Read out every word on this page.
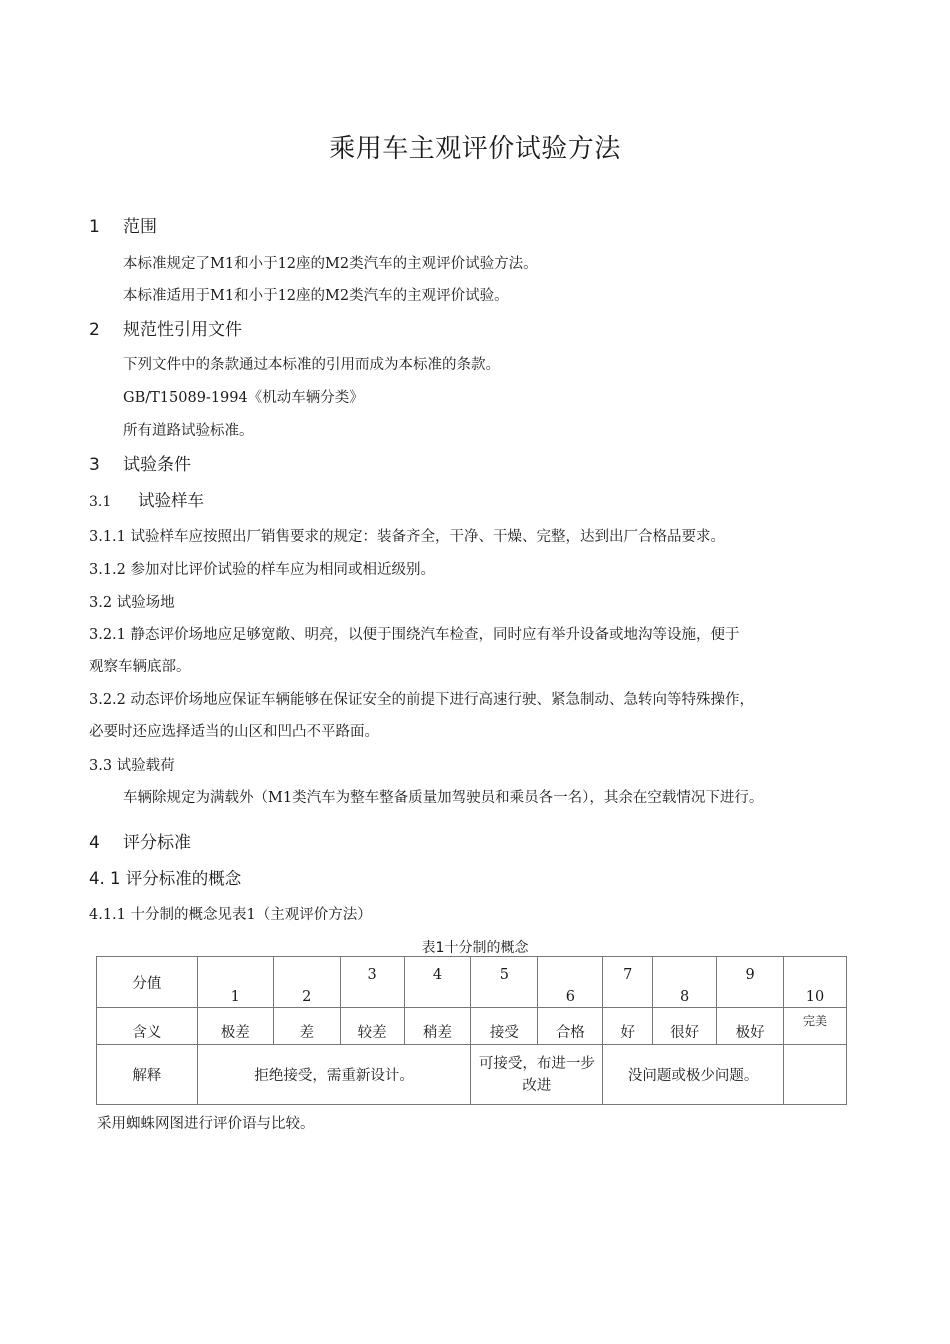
乘用车主观评价试验方法
1 范围
本标准规定了M1和小于12座的M2类汽车的主观评价试验方法。
本标准适用于M1和小于12座的M2类汽车的主观评价试验。
2 规范性引用文件
下列文件中的条款通过本标准的引用而成为本标准的条款。
GB/T15089-1994《机动车辆分类》
所有道路试验标准。
3 试验条件
3.1 试验样车
3.1.1 试验样车应按照出厂销售要求的规定：装备齐全，干净、干燥、完整，达到出厂合格品要求。
3.1.2 参加对比评价试验的样车应为相同或相近级别。
3.2 试验场地
3.2.1 静态评价场地应足够宽敞、明亮，以便于围绕汽车检查，同时应有举升设备或地沟等设施，便于
观察车辆底部。
3.2.2 动态评价场地应保证车辆能够在保证安全的前提下进行高速行驶、紧急制动、急转向等特殊操作，
必要时还应选择适当的山区和凹凸不平路面。
3.3 试验载荷
车辆除规定为满载外（M1类汽车为整车整备质量加驾驶员和乘员各一名），其余在空载情况下进行。
4 评分标准
4. 1 评分标准的概念
4.1.1 十分制的概念见表1（主观评价方法）
表1十分制的概念
分值	1	2	3	4	5	6	7	8	9	10
含义	极差	差	较差	稍差	接受	合格	好	很好	极好	完美
解释	拒绝接受，需重新设计。				可接受，布进一步改进		没问题或极少问题。			
采用蜘蛛网图进行评价语与比较。
